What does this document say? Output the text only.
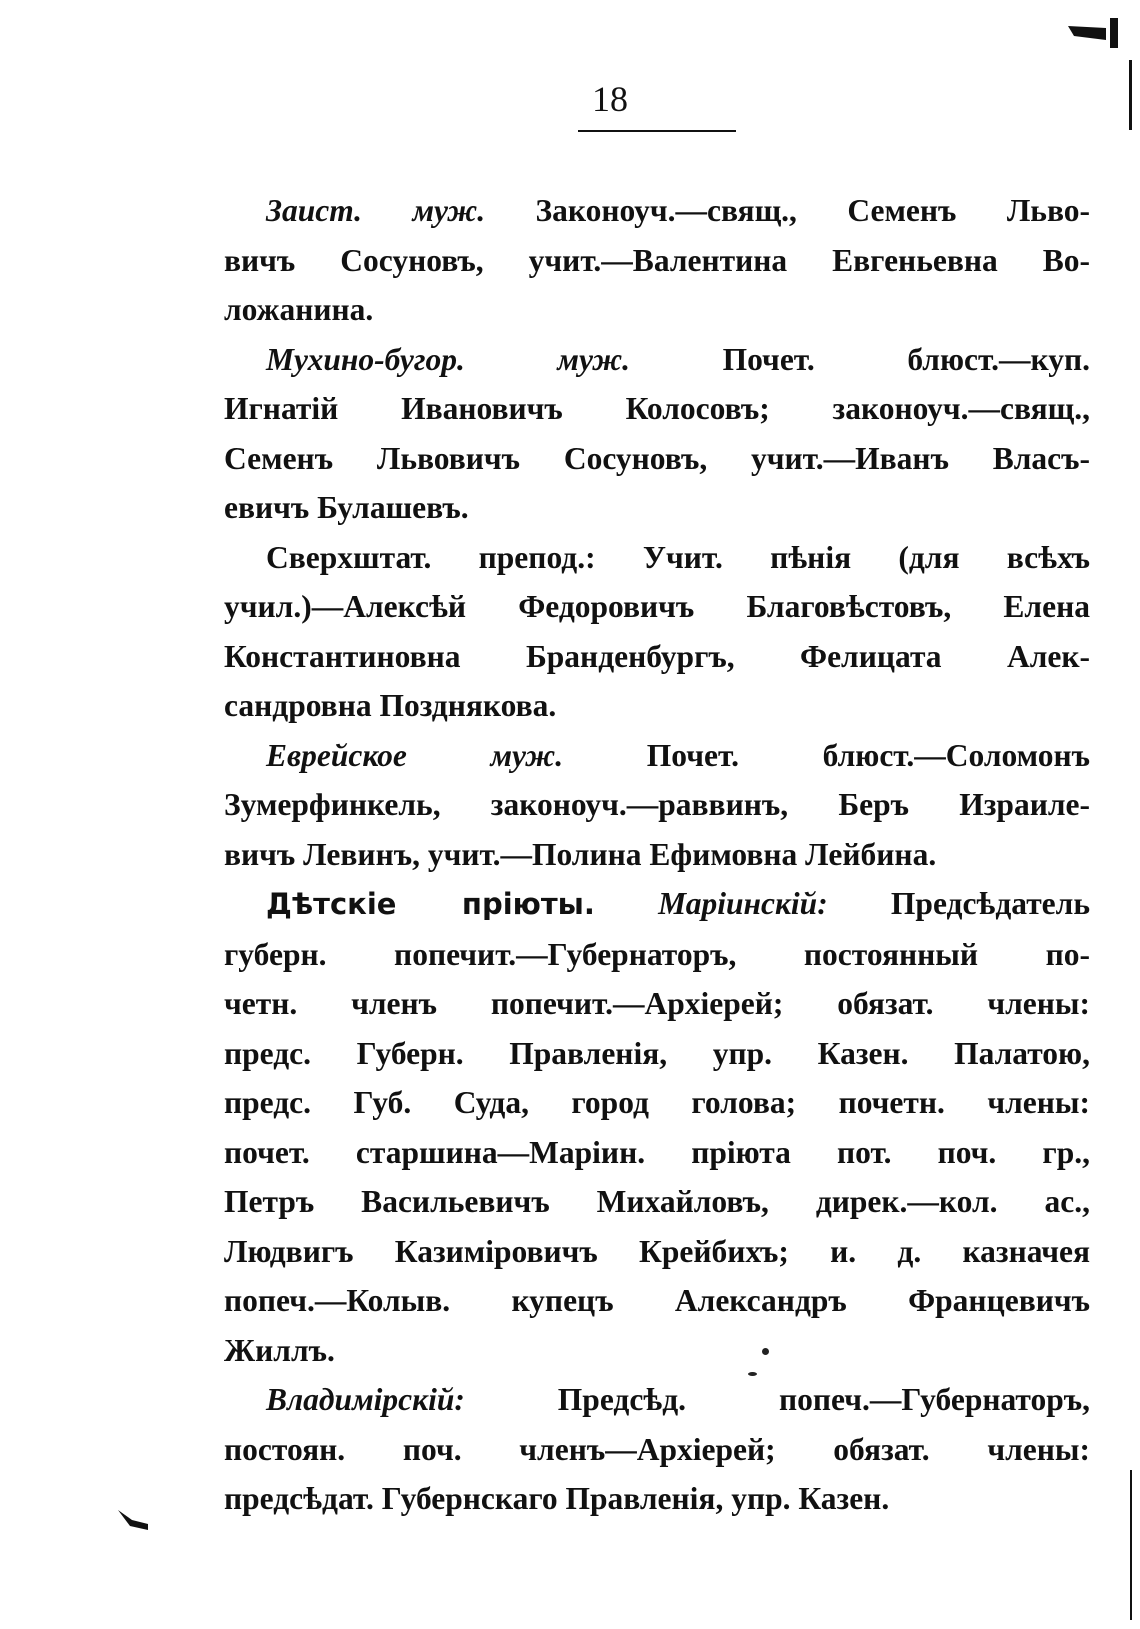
18

Заист. муж. Законоуч.—свящ., Семенъ Льво-
вичъ Сосуновъ, учит.—Валентина Евгеньевна Во-
ложанина.

Мухино-бугор. муж. Почет. блюст.—куп.
Игнатій Ивановичъ Колосовъ; законоуч.—свящ.,
Семенъ Львовичъ Сосуновъ, учит.—Иванъ Власъ-
евичъ Булашевъ.

Сверхштат. препод.: Учит. пѣнія (для всѣхъ
учил.)—Алексѣй Федоровичъ Благовѣстовъ, Елена
Константиновна Бранденбургъ, Фелицата Алек-
сандровна Позднякова.

Еврейское муж. Почет. блюст.—Соломонъ
Зумерфинкель, законоуч.—раввинъ, Беръ Израиле-
вичъ Левинъ, учит.—Полина Ефимовна Лейбина.

Дѣтскіе пріюты. Маріинскій: Предсѣдатель
губерн. попечит.—Губернаторъ, постоянный по-
четн. членъ попечит.—Архіерей; обязат. члены:
предс. Губерн. Правленія, упр. Казен. Палатою,
предс. Губ. Суда, город голова; почетн. члены:
почет. старшина—Маріин. пріюта пот. поч. гр.,
Петръ Васильевичъ Михайловъ, дирек.—кол. ас.,
Людвигъ Казиміровичъ Крейбихъ; и. д. казначея
попеч.—Колыв. купецъ Александръ Францевичъ
Жиллъ.

Владимірскій: Предсѣд. попеч.—Губернаторъ,
постоян. поч. членъ—Архіерей; обязат. члены:
предсѣдат. Губернскаго Правленія, упр. Казен.
